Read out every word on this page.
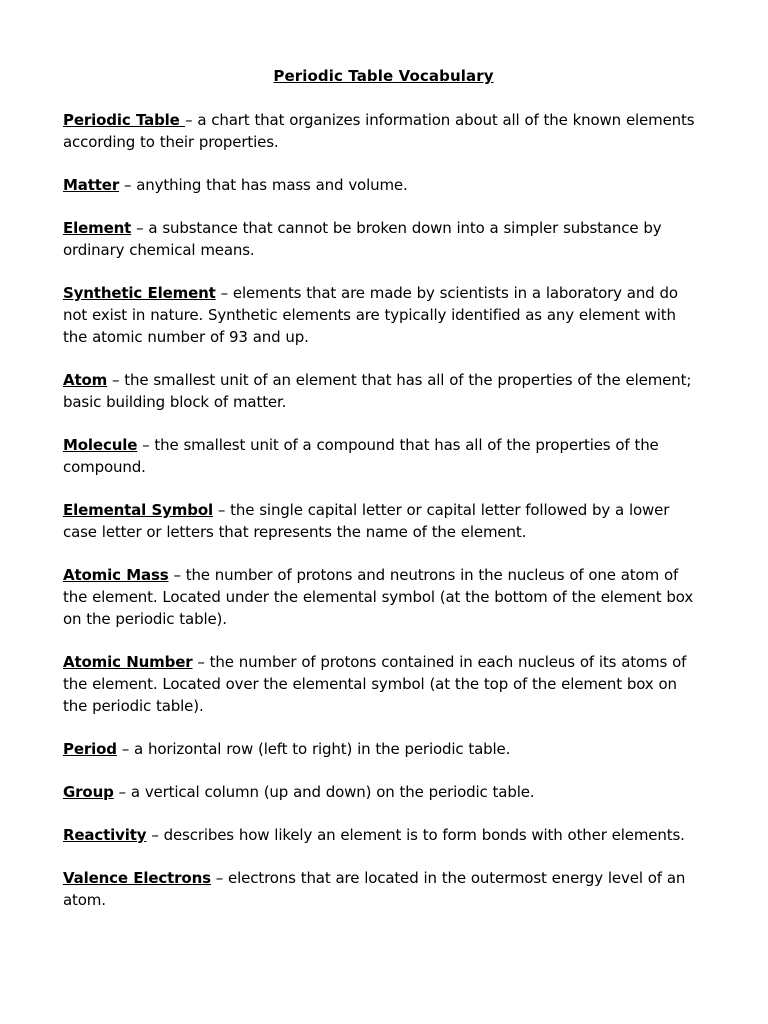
Periodic Table Vocabulary

Periodic Table – a chart that organizes information about all of the known elements according to their properties.

Matter – anything that has mass and volume.

Element – a substance that cannot be broken down into a simpler substance by ordinary chemical means.

Synthetic Element – elements that are made by scientists in a laboratory and do not exist in nature. Synthetic elements are typically identified as any element with the atomic number of 93 and up.

Atom – the smallest unit of an element that has all of the properties of the element; basic building block of matter.

Molecule – the smallest unit of a compound that has all of the properties of the compound.

Elemental Symbol – the single capital letter or capital letter followed by a lower case letter or letters that represents the name of the element.

Atomic Mass – the number of protons and neutrons in the nucleus of one atom of the element. Located under the elemental symbol (at the bottom of the element box on the periodic table).

Atomic Number – the number of protons contained in each nucleus of its atoms of the element. Located over the elemental symbol (at the top of the element box on the periodic table).

Period – a horizontal row (left to right) in the periodic table.

Group – a vertical column (up and down) on the periodic table.

Reactivity – describes how likely an element is to form bonds with other elements.

Valence Electrons – electrons that are located in the outermost energy level of an atom.
